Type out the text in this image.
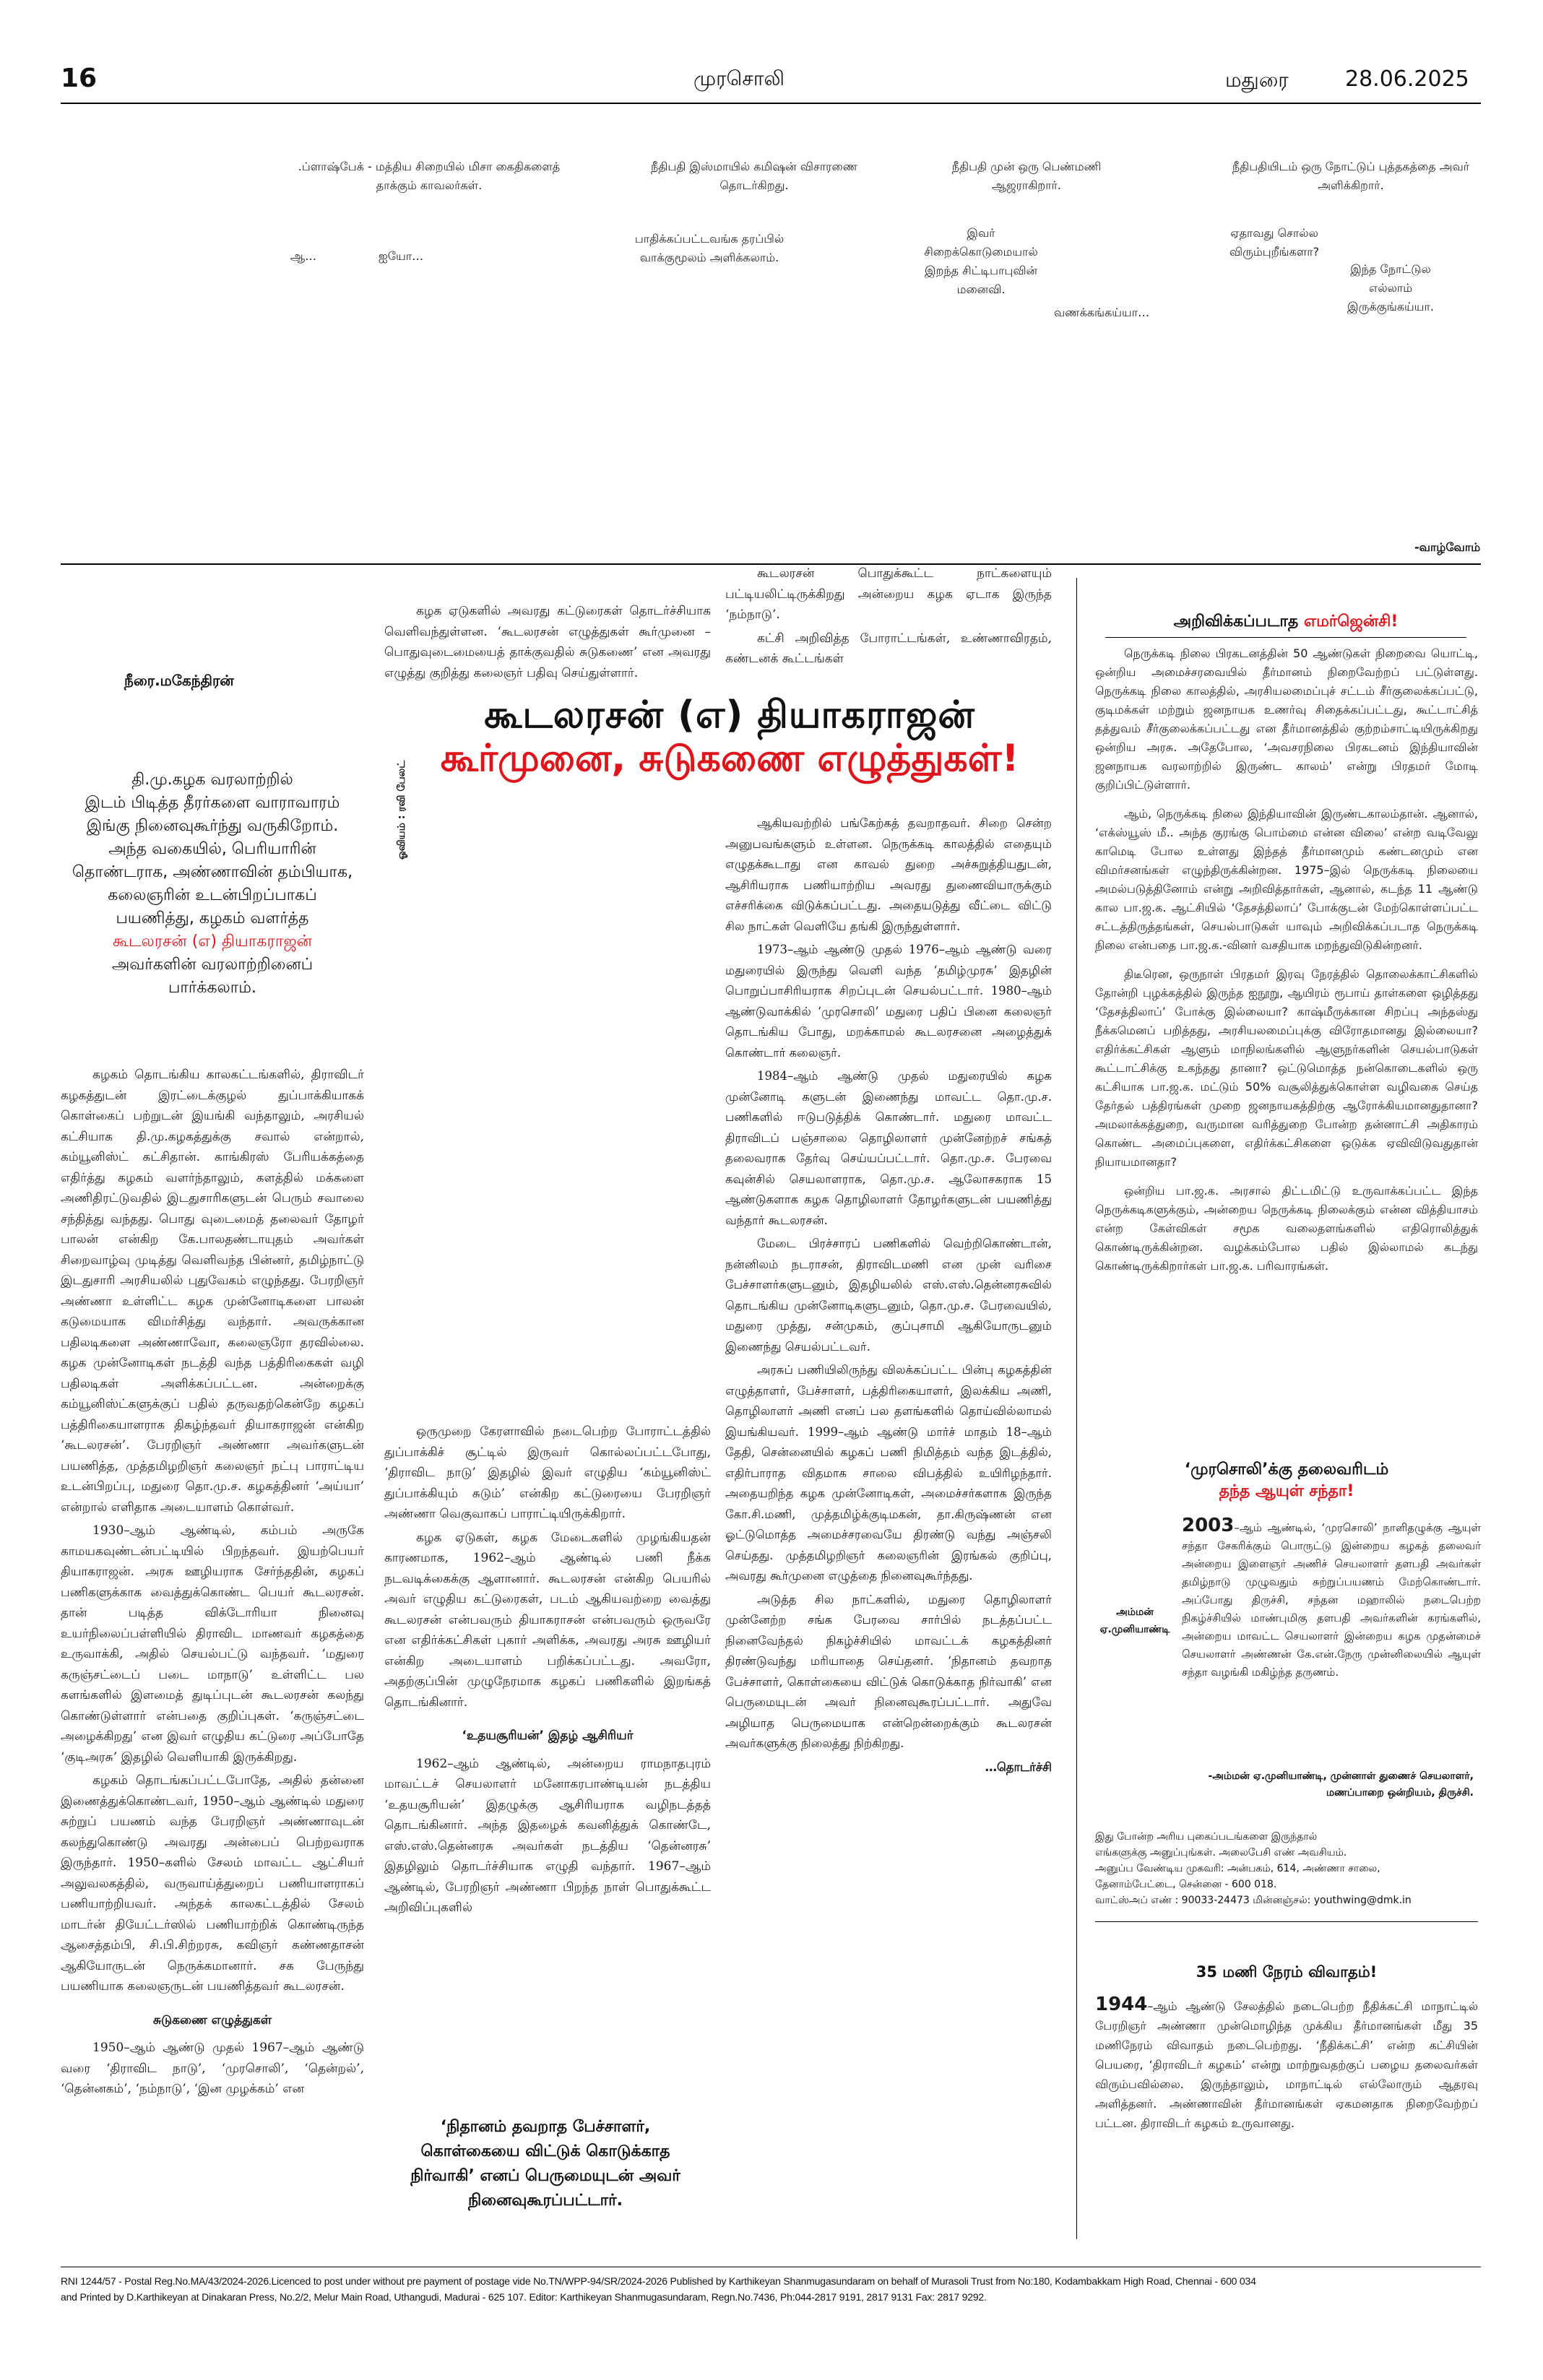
16	முரசொலி	மதுரை	28.06.2025
.ப்ளாஷ்பேக் - மத்திய சிறையில் மிசா கைதிகளைத் தாக்கும் காவலர்கள்.
ஆ…	ஐயோ…
நீதிபதி இஸ்மாயில் கமிஷன் விசாரணை தொடர்கிறது.
பாதிக்கப்பட்டவங்க தரப்பில் வாக்குமூலம் அளிக்கலாம்.
நீதிபதி முன் ஒரு பெண்மணி ஆஜராகிறார்.
இவர் சிறைக்கொடுமையால் இறந்த சிட்டிபாபுவின் மனைவி.
வணக்கங்கய்யா…
நீதிபதியிடம் ஒரு நோட்டுப் புத்தகத்தை அவர் அளிக்கிறார்.
ஏதாவது சொல்ல விரும்புறீங்களா?
இந்த நோட்டுல எல்லாம் இருக்குங்கய்யா.
-வாழ்வோம்
கூடலரசன் (எ) தியாகராஜன்
கூர்முனை, சுடுகணை எழுத்துகள்!
ஓவியம் : ரவி பேலட்

கழக ஏடுகளில் அவரது கட்டுரைகள் தொடர்ச்சியாக வெளிவந்துள்ளன. ‘கூடலரசன் எழுத்துகள் கூர்முனை – பொதுவுடைமையைத் தாக்குவதில் சுடுகணை’ என அவரது எழுத்து குறித்து கலைஞர் பதிவு செய்துள்ளார்.

கூடலரசன் பொதுக்கூட்ட நாட்களையும் பட்டியலிட்டிருக்கிறது அன்றைய கழக ஏடாக இருந்த ‘நம்நாடு’.

கட்சி அறிவித்த போராட்டங்கள், உண்ணாவிரதம், கண்டனக் கூட்டங்கள்

நீரை.மகேந்திரன்
தி.மு.கழக வரலாற்றில்
இடம் பிடித்த தீரர்களை வாராவாரம்
இங்கு நினைவுகூர்ந்து வருகிறோம்.
அந்த வகையில், பெரியாரின்
தொண்டராக, அண்ணாவின் தம்பியாக,
கலைஞரின் உடன்பிறப்பாகப்
பயணித்து, கழகம் வளர்த்த
கூடலரசன் (எ) தியாகராஜன்
அவர்களின் வரலாற்றினைப்
பார்க்கலாம்.

கழகம் தொடங்கிய காலகட்டங்களில், திராவிடர் கழகத்துடன் இரட்டைக்குழல் துப்பாக்கியாகக் கொள்கைப் பற்றுடன் இயங்கி வந்தாலும், அரசியல் கட்சியாக தி.மு.கழகத்துக்கு சவால் என்றால், கம்யூனிஸ்ட் கட்சிதான். காங்கிரஸ் பேரியக்கத்தை எதிர்த்து கழகம் வளர்ந்தாலும், களத்தில் மக்களை அணிதிரட்டுவதில் இடதுசாரிகளுடன் பெரும் சவாலை சந்தித்து வந்தது. பொது வுடைமைத் தலைவர் தோழர் பாலன் என்கிற கே.பாலதண்டாயுதம் அவர்கள் சிறைவாழ்வு முடித்து வெளிவந்த பின்னர், தமிழ்நாட்டு இடதுசாரி அரசியலில் புதுவேகம் எழுந்தது. பேரறிஞர் அண்ணா உள்ளிட்ட கழக முன்னோடிகளை பாலன் கடுமையாக விமர்சித்து வந்தார். அவருக்கான பதிலடிகளை அண்ணாவோ, கலைஞரோ தரவில்லை. கழக முன்னோடிகள் நடத்தி வந்த பத்திரிகைகள் வழி பதிலடிகள் அளிக்கப்பட்டன. அன்றைக்கு கம்யூனிஸ்ட்களுக்குப் பதில் தருவதற்கென்றே கழகப் பத்திரிகையாளராக திகழ்ந்தவர் தியாகராஜன் என்கிற ‘கூடலரசன்’. பேரறிஞர் அண்ணா அவர்களுடன் பயணித்த, முத்தமிழறிஞர் கலைஞர் நட்பு பாராட்டிய உடன்பிறப்பு, மதுரை தொ.மு.ச. கழகத்தினர் ‘அய்யா’ என்றால் எளிதாக அடையாளம் கொள்வர்.

1930–ஆம் ஆண்டில், கம்பம் அருகே காமயகவுண்டன்பட்டியில் பிறந்தவர். இயற்பெயர் தியாகராஜன். அரசு ஊழியராக சேர்ந்ததின், கழகப் பணிகளுக்காக வைத்துக்கொண்ட பெயர் கூடலரசன். தான் படித்த விக்டோரியா நினைவு உயர்நிலைப்பள்ளியில் திராவிட மாணவர் கழகத்தை உருவாக்கி, அதில் செயல்பட்டு வந்தவர். ‘மதுரை கருஞ்சட்டைப் படை மாநாடு’ உள்ளிட்ட பல களங்களில் இளமைத் துடிப்புடன் கூடலரசன் கலந்து கொண்டுள்ளார் என்பதை குறிப்புகள். ‘கருஞ்சட்டை அழைக்கிறது’ என இவர் எழுதிய கட்டுரை அப்போதே ‘குடிஅரசு’ இதழில் வெளியாகி இருக்கிறது.

கழகம் தொடங்கப்பட்டபோதே, அதில் தன்னை இணைத்துக்கொண்டவர், 1950–ஆம் ஆண்டில் மதுரை சுற்றுப் பயணம் வந்த பேரறிஞர் அண்ணாவுடன் கலந்துகொண்டு அவரது அன்பைப் பெற்றவராக இருந்தார். 1950–களில் சேலம் மாவட்ட ஆட்சியர் அலுவலகத்தில், வருவாய்த்துறைப் பணியாளராகப் பணியாற்றியவர். அந்தக் காலகட்டத்தில் சேலம் மாடர்ன் தியேட்டர்ஸில் பணியாற்றிக் கொண்டிருந்த ஆசைத்தம்பி, சி.பி.சிற்றரசு, கவிஞர் கண்ணதாசன் ஆகியோருடன் நெருக்கமானார். சக பேருந்து பயணியாக கலைஞருடன் பயணித்தவர் கூடலரசன்.

சுடுகணை எழுத்துகள்

1950–ஆம் ஆண்டு முதல் 1967–ஆம் ஆண்டு வரை ‘திராவிட நாடு’, ‘முரசொலி’, ‘தென்றல்’, ‘தென்னகம்’, ‘நம்நாடு’, ‘இன முழக்கம்’ என

ஆகியவற்றில் பங்கேற்கத் தவறாதவர். சிறை சென்ற அனுபவங்களும் உள்ளன. நெருக்கடி காலத்தில் எதையும் எழுதக்கூடாது என காவல் துறை அச்சுறுத்தியதுடன், ஆசிரியராக பணியாற்றிய அவரது துணைவியாருக்கும் எச்சரிக்கை விடுக்கப்பட்டது. அதையடுத்து வீட்டை விட்டு சில நாட்கள் வெளியே தங்கி இருந்துள்ளார்.

1973–ஆம் ஆண்டு முதல் 1976–ஆம் ஆண்டு வரை மதுரையில் இருந்து வெளி வந்த ‘தமிழ்முரசு’ இதழின் பொறுப்பாசிரியராக சிறப்புடன் செயல்பட்டார். 1980–ஆம் ஆண்டுவாக்கில் ‘முரசொலி’ மதுரை பதிப் பினை கலைஞர் தொடங்கிய போது, மறக்காமல் கூடலரசனை அழைத்துக் கொண்டார் கலைஞர்.

1984–ஆம் ஆண்டு முதல் மதுரையில் கழக முன்னோடி களுடன் இணைந்து மாவட்ட தொ.மு.ச. பணிகளில் ஈடுபடுத்திக் கொண்டார். மதுரை மாவட்ட திராவிடப் பஞ்சாலை தொழிலாளர் முன்னேற்றச் சங்கத் தலைவராக தேர்வு செய்யப்பட்டார். தொ.மு.ச. பேரவை கவுன்சில் செயலாளராக, தொ.மு.ச. ஆலோசகராக 15 ஆண்டுகளாக கழக தொழிலாளர் தோழர்களுடன் பயணித்து வந்தார் கூடலரசன்.

மேடை பிரச்சாரப் பணிகளில் வெற்றிகொண்டான், நன்னிலம் நடராசன், திராவிடமணி என முன் வரிசை பேச்சாளர்களுடனும், இதழியலில் எஸ்.எஸ்.தென்னரசுவில் தொடங்கிய முன்னோடிகளுடனும், தொ.மு.ச. பேரவையில், மதுரை முத்து, சன்முகம், குப்புசாமி ஆகியோருடனும் இணைந்து செயல்பட்டவர்.

அரசுப் பணியிலிருந்து விலக்கப்பட்ட பின்பு கழகத்தின் எழுத்தாளர், பேச்சாளர், பத்திரிகையாளர், இலக்கிய அணி, தொழிலாளர் அணி எனப் பல தளங்களில் தொய்வில்லாமல் இயங்கியவர். 1999–ஆம் ஆண்டு மார்ச் மாதம் 18–ஆம் தேதி, சென்னையில் கழகப் பணி நிமித்தம் வந்த இடத்தில், எதிர்பாராத விதமாக சாலை விபத்தில் உயிரிழந்தார். அதையறிந்த கழக முன்னோடிகள், அமைச்சர்களாக இருந்த கோ.சி.மணி, முத்தமிழ்க்குடிமகன், தா.கிருஷ்ணன் என ஓட்டுமொத்த அமைச்சரவையே திரண்டு வந்து அஞ்சலி செய்தது. முத்தமிழறிஞர் கலைஞரின் இரங்கல் குறிப்பு, அவரது கூர்முனை எழுத்தை நினைவுகூர்ந்தது.

அடுத்த சில நாட்களில், மதுரை தொழிலாளர் முன்னேற்ற சங்க பேரவை சார்பில் நடத்தப்பட்ட நினைவேந்தல் நிகழ்ச்சியில் மாவட்டக் கழகத்தினர் திரண்டுவந்து மரியாதை செய்தனர். ‘நிதானம் தவறாத பேச்சாளர், கொள்கையை விட்டுக் கொடுக்காத நிர்வாகி’ என பெருமையுடன் அவர் நினைவுகூரப்பட்டார். அதுவே அழியாத பெருமையாக என்றென்றைக்கும் கூடலரசன் அவர்களுக்கு நிலைத்து நிற்கிறது.

…தொடர்ச்சி

ஒருமுறை கேரளாவில் நடைபெற்ற போராட்டத்தில் துப்பாக்கிச் சூட்டில் இருவர் கொல்லப்பட்டபோது, ‘திராவிட நாடு’ இதழில் இவர் எழுதிய ‘கம்யூனிஸ்ட் துப்பாக்கியும் சுடும்’ என்கிற கட்டுரையை பேரறிஞர் அண்ணா வெகுவாகப் பாராட்டியிருக்கிறார்.

கழக ஏடுகள், கழக மேடைகளில் முழங்கியதன் காரணமாக, 1962–ஆம் ஆண்டில் பணி நீக்க நடவடிக்கைக்கு ஆளானார். கூடலரசன் என்கிற பெயரில் அவர் எழுதிய கட்டுரைகள், படம் ஆகியவற்றை வைத்து கூடலரசன் என்பவரும் தியாகராசன் என்பவரும் ஒருவரே என எதிர்க்கட்சிகள் புகார் அளிக்க, அவரது அரசு ஊழியர் என்கிற அடையாளம் பறிக்கப்பட்டது. அவரோ, அதற்குப்பின் முழுநேரமாக கழகப் பணிகளில் இறங்கத் தொடங்கினார்.

‘உதயசூரியன்’ இதழ் ஆசிரியர்

1962–ஆம் ஆண்டில், அன்றைய ராமநாதபுரம் மாவட்டச் செயலாளர் மனோகரபாண்டியன் நடத்திய ‘உதயசூரியன்’ இதழுக்கு ஆசிரியராக வழிநடத்தத் தொடங்கினார். அந்த இதழைக் கவனித்துக் கொண்டே, எஸ்.எஸ்.தென்னரசு அவர்கள் நடத்திய ‘தென்னரசு’ இதழிலும் தொடர்ச்சியாக எழுதி வந்தார். 1967–ஆம் ஆண்டில், பேரறிஞர் அண்ணா பிறந்த நாள் பொதுக்கூட்ட அறிவிப்புகளில்

‘நிதானம் தவறாத பேச்சாளர், கொள்கையை விட்டுக் கொடுக்காத நிர்வாகி’ எனப் பெருமையுடன் அவர் நினைவுகூரப்பட்டார்.
அறிவிக்கப்படாத எமர்ஜென்சி!

நெருக்கடி நிலை பிரகடனத்தின் 50 ஆண்டுகள் நிறைவை யொட்டி, ஒன்றிய அமைச்சரவையில் தீர்மானம் நிறைவேற்றப் பட்டுள்ளது. நெருக்கடி நிலை காலத்தில், அரசியலமைப்புச் சட்டம் சீர்குலைக்கப்பட்டு, குடிமக்கள் மற்றும் ஜனநாயக உணர்வு சிதைக்கப்பட்டது, கூட்டாட்சித் தத்துவம் சீர்குலைக்கப்பட்டது என தீர்மானத்தில் குற்றம்சாட்டியிருக்கிறது ஒன்றிய அரசு. அதேபோல, ‘அவசரநிலை பிரகடனம் இந்தியாவின் ஜனநாயக வரலாற்றில் இருண்ட காலம்’ என்று பிரதமர் மோடி குறிப்பிட்டுள்ளார்.

ஆம், நெருக்கடி நிலை இந்தியாவின் இருண்டகாலம்தான். ஆனால், ‘எக்ஸ்யூஸ் மீ.. அந்த குரங்கு பொம்மை என்ன விலை’ என்ற வடிவேலு காமெடி போல உள்ளது இந்தத் தீர்மானமும் கண்டனமும் என விமர்சனங்கள் எழுந்திருக்கின்றன. 1975–இல் நெருக்கடி நிலையை அமல்படுத்தினோம் என்று அறிவித்தார்கள், ஆனால், கடந்த 11 ஆண்டு கால பா.ஜ.க. ஆட்சியில் ‘தேசத்திலாப்’ போக்குடன் மேற்கொள்ளப்பட்ட சட்டத்திருத்தங்கள், செயல்பாடுகள் யாவும் அறிவிக்கப்படாத நெருக்கடி நிலை என்பதை பா.ஜ.க.-வினர் வசதியாக மறந்துவிடுகின்றனர்.

திடீரென, ஒருநாள் பிரதமர் இரவு நேரத்தில் தொலைக்காட்சிகளில் தோன்றி புழக்கத்தில் இருந்த ஐநூறு, ஆயிரம் ரூபாய் தாள்களை ஒழித்தது ‘தேசத்திலாப்’ போக்கு இல்லையா? காஷ்மீருக்கான சிறப்பு அந்தஸ்து நீக்கமெனப் பறித்தது, அரசியலமைப்புக்கு விரோதமானது இல்லையா? எதிர்க்கட்சிகள் ஆளும் மாநிலங்களில் ஆளுநர்களின் செயல்பாடுகள் கூட்டாட்சிக்கு உகந்தது தானா? ஒட்டுமொத்த நன்கொடைகளில் ஒரு கட்சியாக பா.ஜ.க. மட்டும் 50% வசூலித்துக்கொள்ள வழிவகை செய்த தேர்தல் பத்திரங்கள் முறை ஜனநாயகத்திற்கு ஆரோக்கியமானதுதானா? அமலாக்கத்துறை, வருமான வரித்துறை போன்ற தன்னாட்சி அதிகாரம் கொண்ட அமைப்புகளை, எதிர்க்கட்சிகளை ஒடுக்க ஏவிவிடுவதுதான் நியாயமானதா?

ஒன்றிய பா.ஜ.க. அரசால் திட்டமிட்டு உருவாக்கப்பட்ட இந்த நெருக்கடிகளுக்கும், அன்றைய நெருக்கடி நிலைக்கும் என்ன வித்தியாசம் என்ற கேள்விகள் சமூக வலைதளங்களில் எதிரொலித்துக் கொண்டிருக்கின்றன. வழக்கம்போல பதில் இல்லாமல் கடந்து கொண்டிருக்கிறார்கள் பா.ஜ.க. பரிவாரங்கள்.

‘முரசொலி’க்கு தலைவரிடம்
தந்த ஆயுள் சந்தா!
அம்மன் ஏ.முனியாண்டி
2003–ஆம் ஆண்டில், ‘முரசொலி’ நாளிதழுக்கு ஆயுள் சந்தா சேகரிக்கும் பொருட்டு இன்றைய கழகத் தலைவர் அன்றைய இளைஞர் அணிச் செயலாளர் தளபதி அவர்கள் தமிழ்நாடு முழுவதும் சுற்றுப்பயணம் மேற்கொண்டார். அப்போது திருச்சி, சந்தன மஹாலில் நடைபெற்ற நிகழ்ச்சியில் மாண்புமிகு தளபதி அவர்களின் கரங்களில், அன்றைய மாவட்ட செயலாளர் இன்றைய கழக முதன்மைச் செயலாளர் அண்ணன் கே.என்.நேரு முன்னிலையில் ஆயுள் சந்தா வழங்கி மகிழ்ந்த தருணம்.
-அம்மன் ஏ.முனியாண்டி, முன்னாள் துணைச் செயலாளர், மணப்பாறை ஒன்றியம், திருச்சி.
இது போன்ற அரிய புகைப்படங்களை இருந்தால்
எங்களுக்கு அனுப்புங்கள். அலைபேசி எண் அவசியம்.
அனுப்ப வேண்டிய முகவரி: அன்பகம், 614, அண்ணா சாலை,
தேனாம்பேட்டை, சென்னை - 600 018.
வாட்ஸ்அப் எண் : 90033-24473 மின்னஞ்சல்: youthwing@dmk.in
35 மணி நேரம் விவாதம்!
1944–ஆம் ஆண்டு சேலத்தில் நடைபெற்ற நீதிக்கட்சி மாநாட்டில் பேரறிஞர் அண்ணா முன்மொழிந்த முக்கிய தீர்மானங்கள் மீது 35 மணிநேரம் விவாதம் நடைபெற்றது. ‘நீதிக்கட்சி’ என்ற கட்சியின் பெயரை, ‘திராவிடர் கழகம்’ என்று மாற்றுவதற்குப் பழைய தலைவர்கள் விரும்பவில்லை. இருந்தாலும், மாநாட்டில் எல்லோரும் ஆதரவு அளித்தனர். அண்ணாவின் தீர்மானங்கள் ஏகமனதாக நிறைவேற்றப் பட்டன. திராவிடர் கழகம் உருவானது.
RNI 1244/57 - Postal Reg.No.MA/43/2024-2026.Licenced to post under without pre payment of postage vide No.TN/WPP-94/SR/2024-2026 Published by Karthikeyan Shanmugasundaram on behalf of Murasoli Trust from No:180, Kodambakkam High Road, Chennai - 600 034
and Printed by D.Karthikeyan at Dinakaran Press, No.2/2, Melur Main Road, Uthangudi, Madurai - 625 107. Editor: Karthikeyan Shanmugasundaram, Regn.No.7436, Ph:044-2817 9191, 2817 9131 Fax: 2817 9292.
